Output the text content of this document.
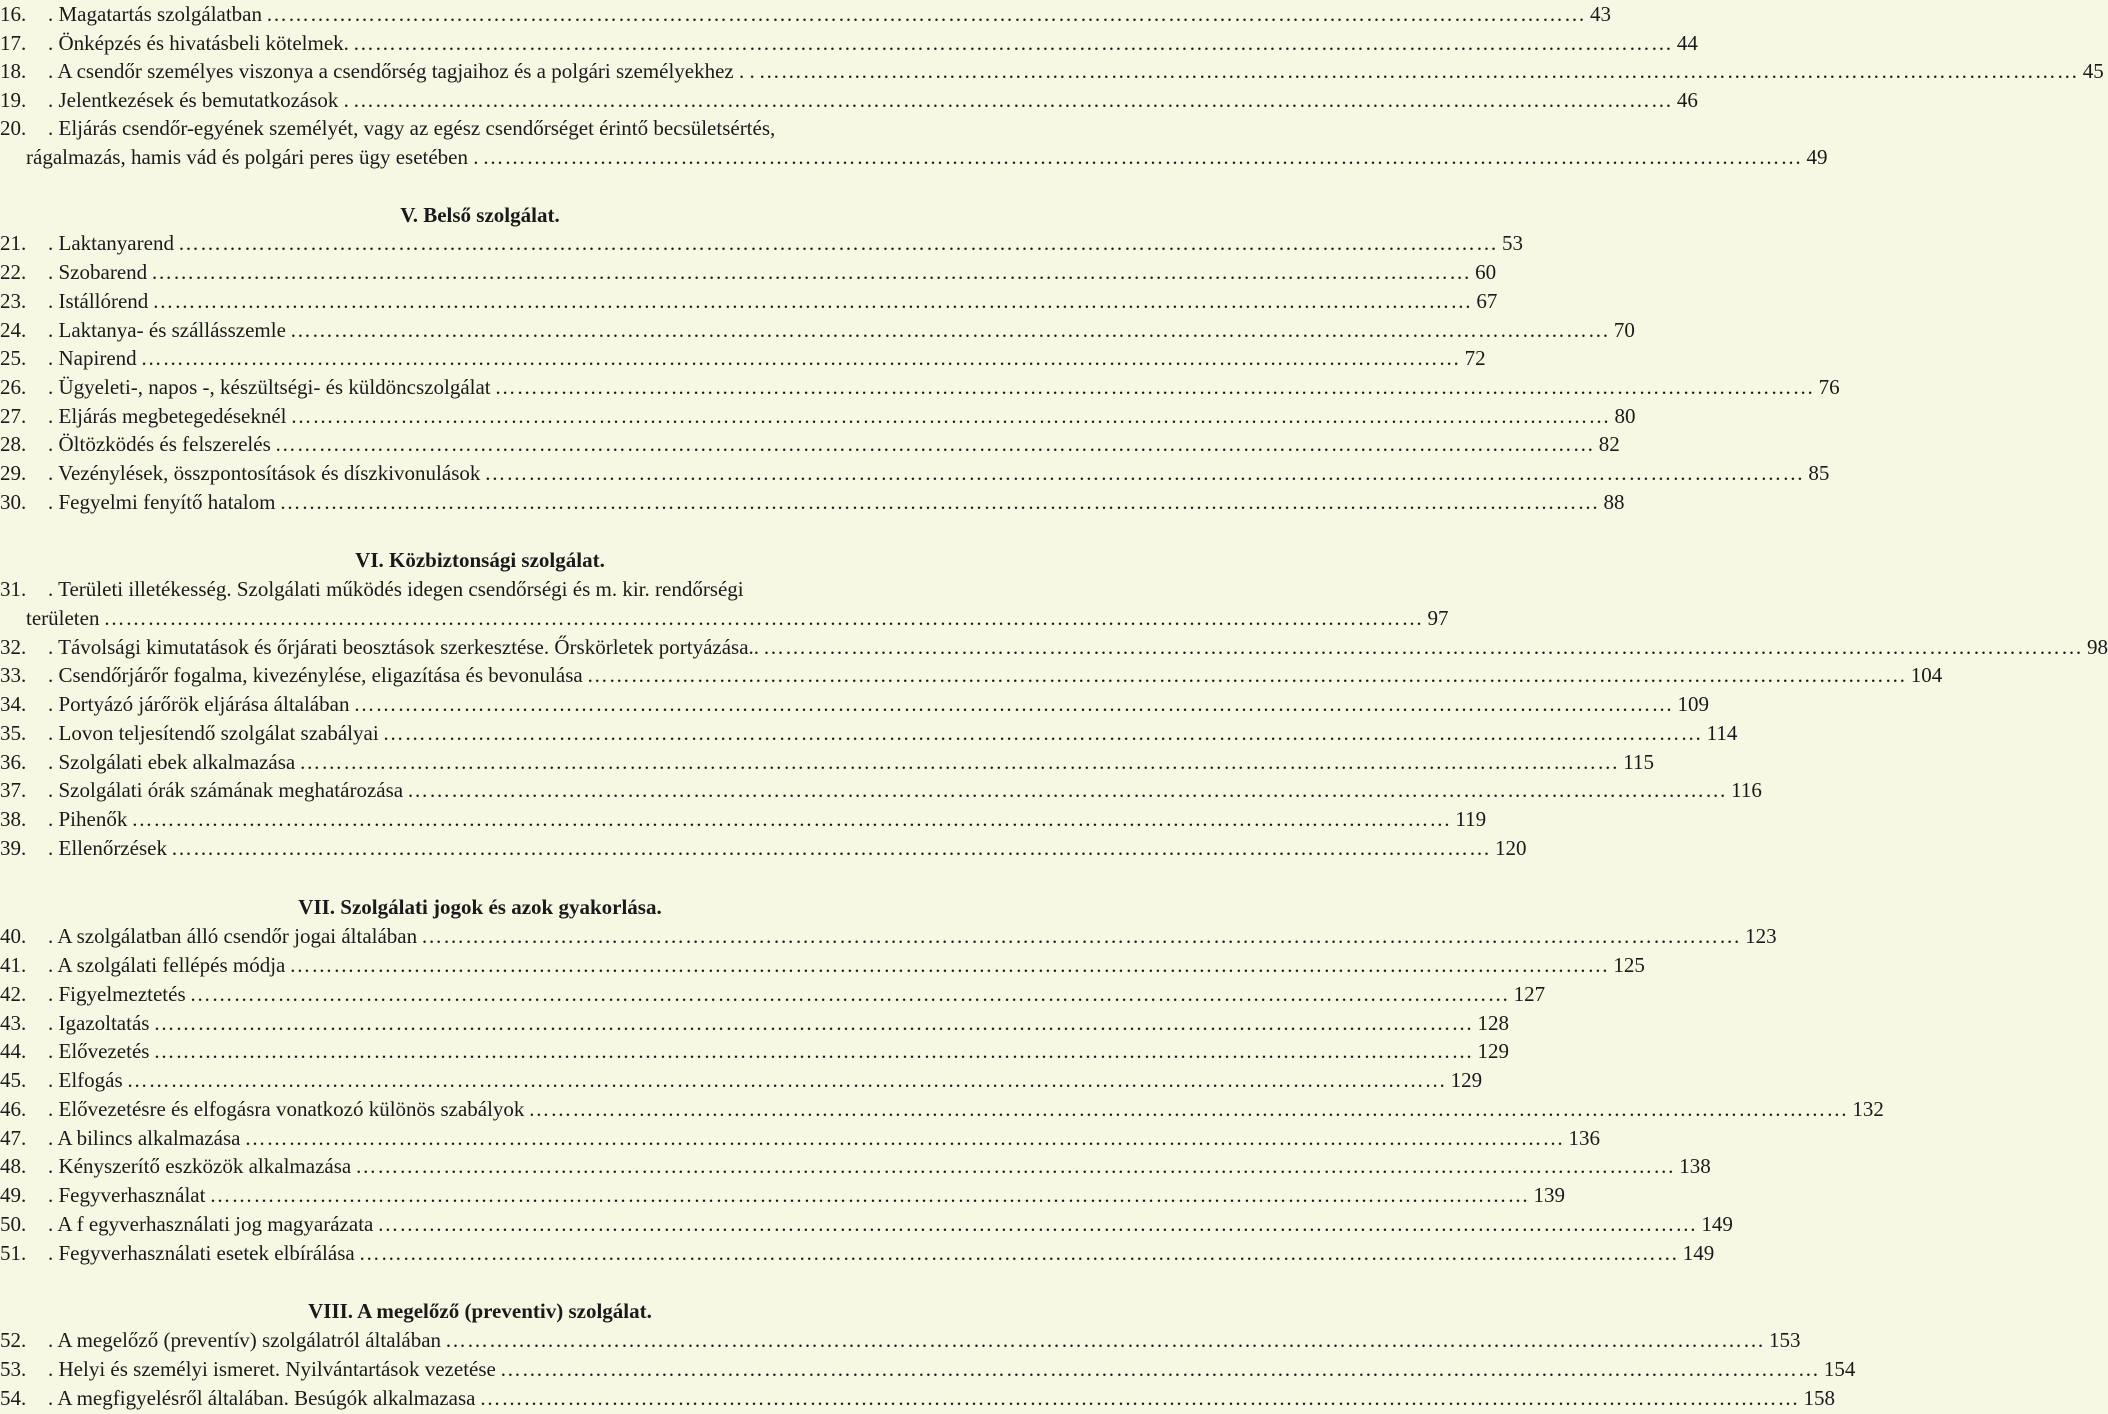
16.	. Magatartás szolgálatban ………………………………………………………………………………………………………………………………………………………………	43
17.	. Önképzés és hivatásbeli kötelmek. ………………………………………………………………………………………………………………………………………………………………	44
18.	. A csendőr személyes viszonya a csendőrség tagjaihoz és a polgári személyekhez . . ………………………………………………………………………………………………………………………………………………………………	45
19.	. Jelentkezések és bemutatkozások . ………………………………………………………………………………………………………………………………………………………………	46
20.	. Eljárás csendőr-egyének személyét, vagy az egész csendőrséget érintő becsületsértés,
rágalmazás, hamis vád és polgári peres ügy esetében . ………………………………………………………………………………………………………………………………………………………………	49
V. Belső szolgálat.
21.	. Laktanyarend ………………………………………………………………………………………………………………………………………………………………	53
22.	. Szobarend ………………………………………………………………………………………………………………………………………………………………	60
23.	. Istállórend ………………………………………………………………………………………………………………………………………………………………	67
24.	. Laktanya- és szállásszemle ………………………………………………………………………………………………………………………………………………………………	70
25.	. Napirend ………………………………………………………………………………………………………………………………………………………………	72
26.	. Ügyeleti-, napos -, készültségi- és küldöncszolgálat ………………………………………………………………………………………………………………………………………………………………	76
27.	. Eljárás megbetegedéseknél ………………………………………………………………………………………………………………………………………………………………	80
28.	. Öltözködés és felszerelés ………………………………………………………………………………………………………………………………………………………………	82
29.	. Vezénylések, összpontosítások és díszkivonulások ………………………………………………………………………………………………………………………………………………………………	85
30.	. Fegyelmi fenyítő hatalom ………………………………………………………………………………………………………………………………………………………………	88
VI. Közbiztonsági szolgálat.
31.	. Területi illetékesség. Szolgálati működés idegen csendőrségi és m. kir. rendőrségi
területen ………………………………………………………………………………………………………………………………………………………………	97
32.	. Távolsági kimutatások és őrjárati beosztások szerkesztése. Őrskörletek portyázása.. ………………………………………………………………………………………………………………………………………………………………	98
33.	. Csendőrjárőr fogalma, kivezénylése, eligazítása és bevonulása ………………………………………………………………………………………………………………………………………………………………	104
34.	. Portyázó járőrök eljárása általában ………………………………………………………………………………………………………………………………………………………………	109
35.	. Lovon teljesítendő szolgálat szabályai ………………………………………………………………………………………………………………………………………………………………	114
36.	. Szolgálati ebek alkalmazása ………………………………………………………………………………………………………………………………………………………………	115
37.	. Szolgálati órák számának meghatározása ………………………………………………………………………………………………………………………………………………………………	116
38.	. Pihenők ………………………………………………………………………………………………………………………………………………………………	119
39.	. Ellenőrzések ………………………………………………………………………………………………………………………………………………………………	120
VII. Szolgálati jogok és azok gyakorlása.
40.	. A szolgálatban álló csendőr jogai általában ………………………………………………………………………………………………………………………………………………………………	123
41.	. A szolgálati fellépés módja ………………………………………………………………………………………………………………………………………………………………	125
42.	. Figyelmeztetés ………………………………………………………………………………………………………………………………………………………………	127
43.	. Igazoltatás ………………………………………………………………………………………………………………………………………………………………	128
44.	. Elővezetés ………………………………………………………………………………………………………………………………………………………………	129
45.	. Elfogás ………………………………………………………………………………………………………………………………………………………………	129
46.	. Elővezetésre és elfogásra vonatkozó különös szabályok ………………………………………………………………………………………………………………………………………………………………	132
47.	. A bilincs alkalmazása ………………………………………………………………………………………………………………………………………………………………	136
48.	. Kényszerítő eszközök alkalmazása ………………………………………………………………………………………………………………………………………………………………	138
49.	. Fegyverhasználat ………………………………………………………………………………………………………………………………………………………………	139
50.	. A f egyverhasználati jog magyarázata ………………………………………………………………………………………………………………………………………………………………	149
51.	. Fegyverhasználati esetek elbírálása ………………………………………………………………………………………………………………………………………………………………	149
VIII. A megelőző (preventiv) szolgálat.
52.	. A megelőző (preventív) szolgálatról általában ………………………………………………………………………………………………………………………………………………………………	153
53.	. Helyi és személyi ismeret. Nyilvántartások vezetése ………………………………………………………………………………………………………………………………………………………………	154
54.	. A megfigyelésről általában. Besúgók alkalmazasa ………………………………………………………………………………………………………………………………………………………………	158
